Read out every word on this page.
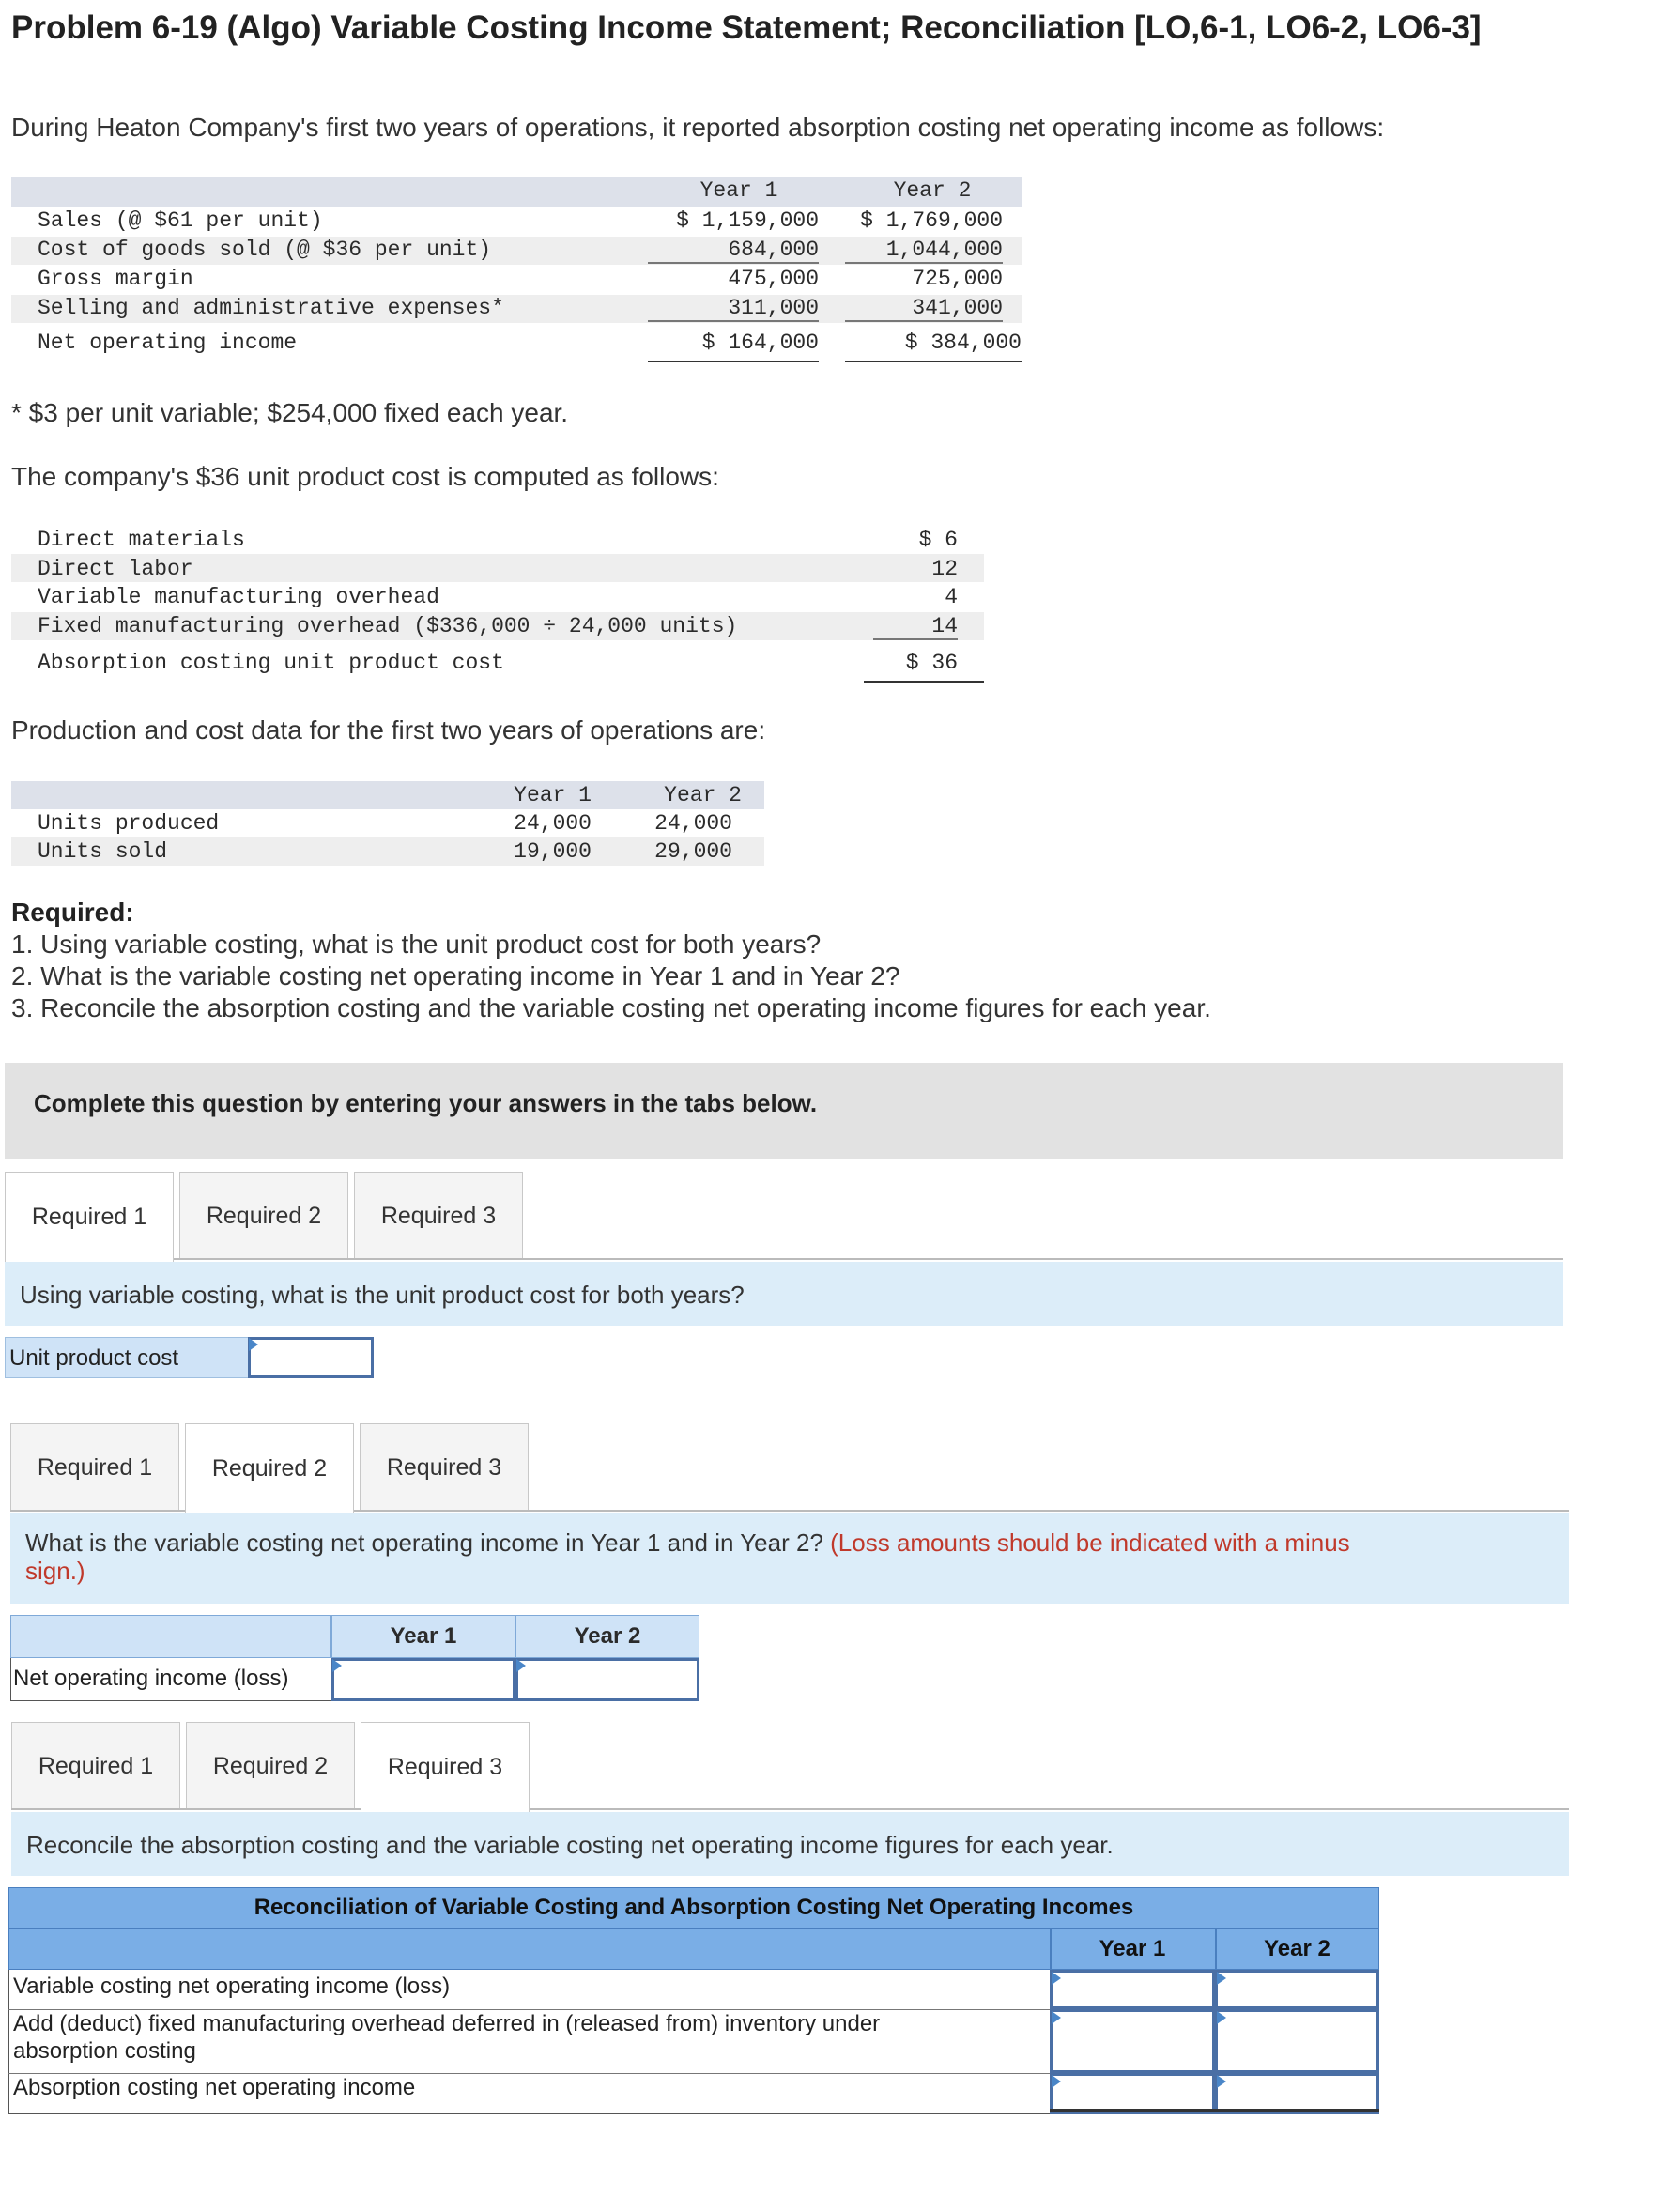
Problem 6-19 (Algo) Variable Costing Income Statement; Reconciliation [LO,6-1, LO6-2, LO6-3]
During Heaton Company's first two years of operations, it reported absorption costing net operating income as follows:
Year 1	Year 2
Sales (@ $61 per unit)	$ 1,159,000	$ 1,769,000
Cost of goods sold (@ $36 per unit)	684,000	1,044,000
Gross margin	475,000	725,000
Selling and administrative expenses*	311,000	341,000
Net operating income	$ 164,000	$ 384,000
* $3 per unit variable; $254,000 fixed each year.
The company's $36 unit product cost is computed as follows:
Direct materials	$ 6
Direct labor	12
Variable manufacturing overhead	4
Fixed manufacturing overhead ($336,000 ÷ 24,000 units)	14
Absorption costing unit product cost	$ 36
Production and cost data for the first two years of operations are:
Year 1	Year 2
Units produced	24,000	24,000
Units sold	19,000	29,000
Required:
1. Using variable costing, what is the unit product cost for both years?
2. What is the variable costing net operating income in Year 1 and in Year 2?
3. Reconcile the absorption costing and the variable costing net operating income figures for each year.
Complete this question by entering your answers in the tabs below.
Required 1	Required 2	Required 3
Using variable costing, what is the unit product cost for both years?
Unit product cost
Required 1	Required 2	Required 3
What is the variable costing net operating income in Year 1 and in Year 2? (Loss amounts should be indicated with a minus
sign.)
Year 1	Year 2
Net operating income (loss)
Required 1	Required 2	Required 3
Reconcile the absorption costing and the variable costing net operating income figures for each year.
Reconciliation of Variable Costing and Absorption Costing Net Operating Incomes
Year 1	Year 2
Variable costing net operating income (loss)
Add (deduct) fixed manufacturing overhead deferred in (released from) inventory under
absorption costing
Absorption costing net operating income
